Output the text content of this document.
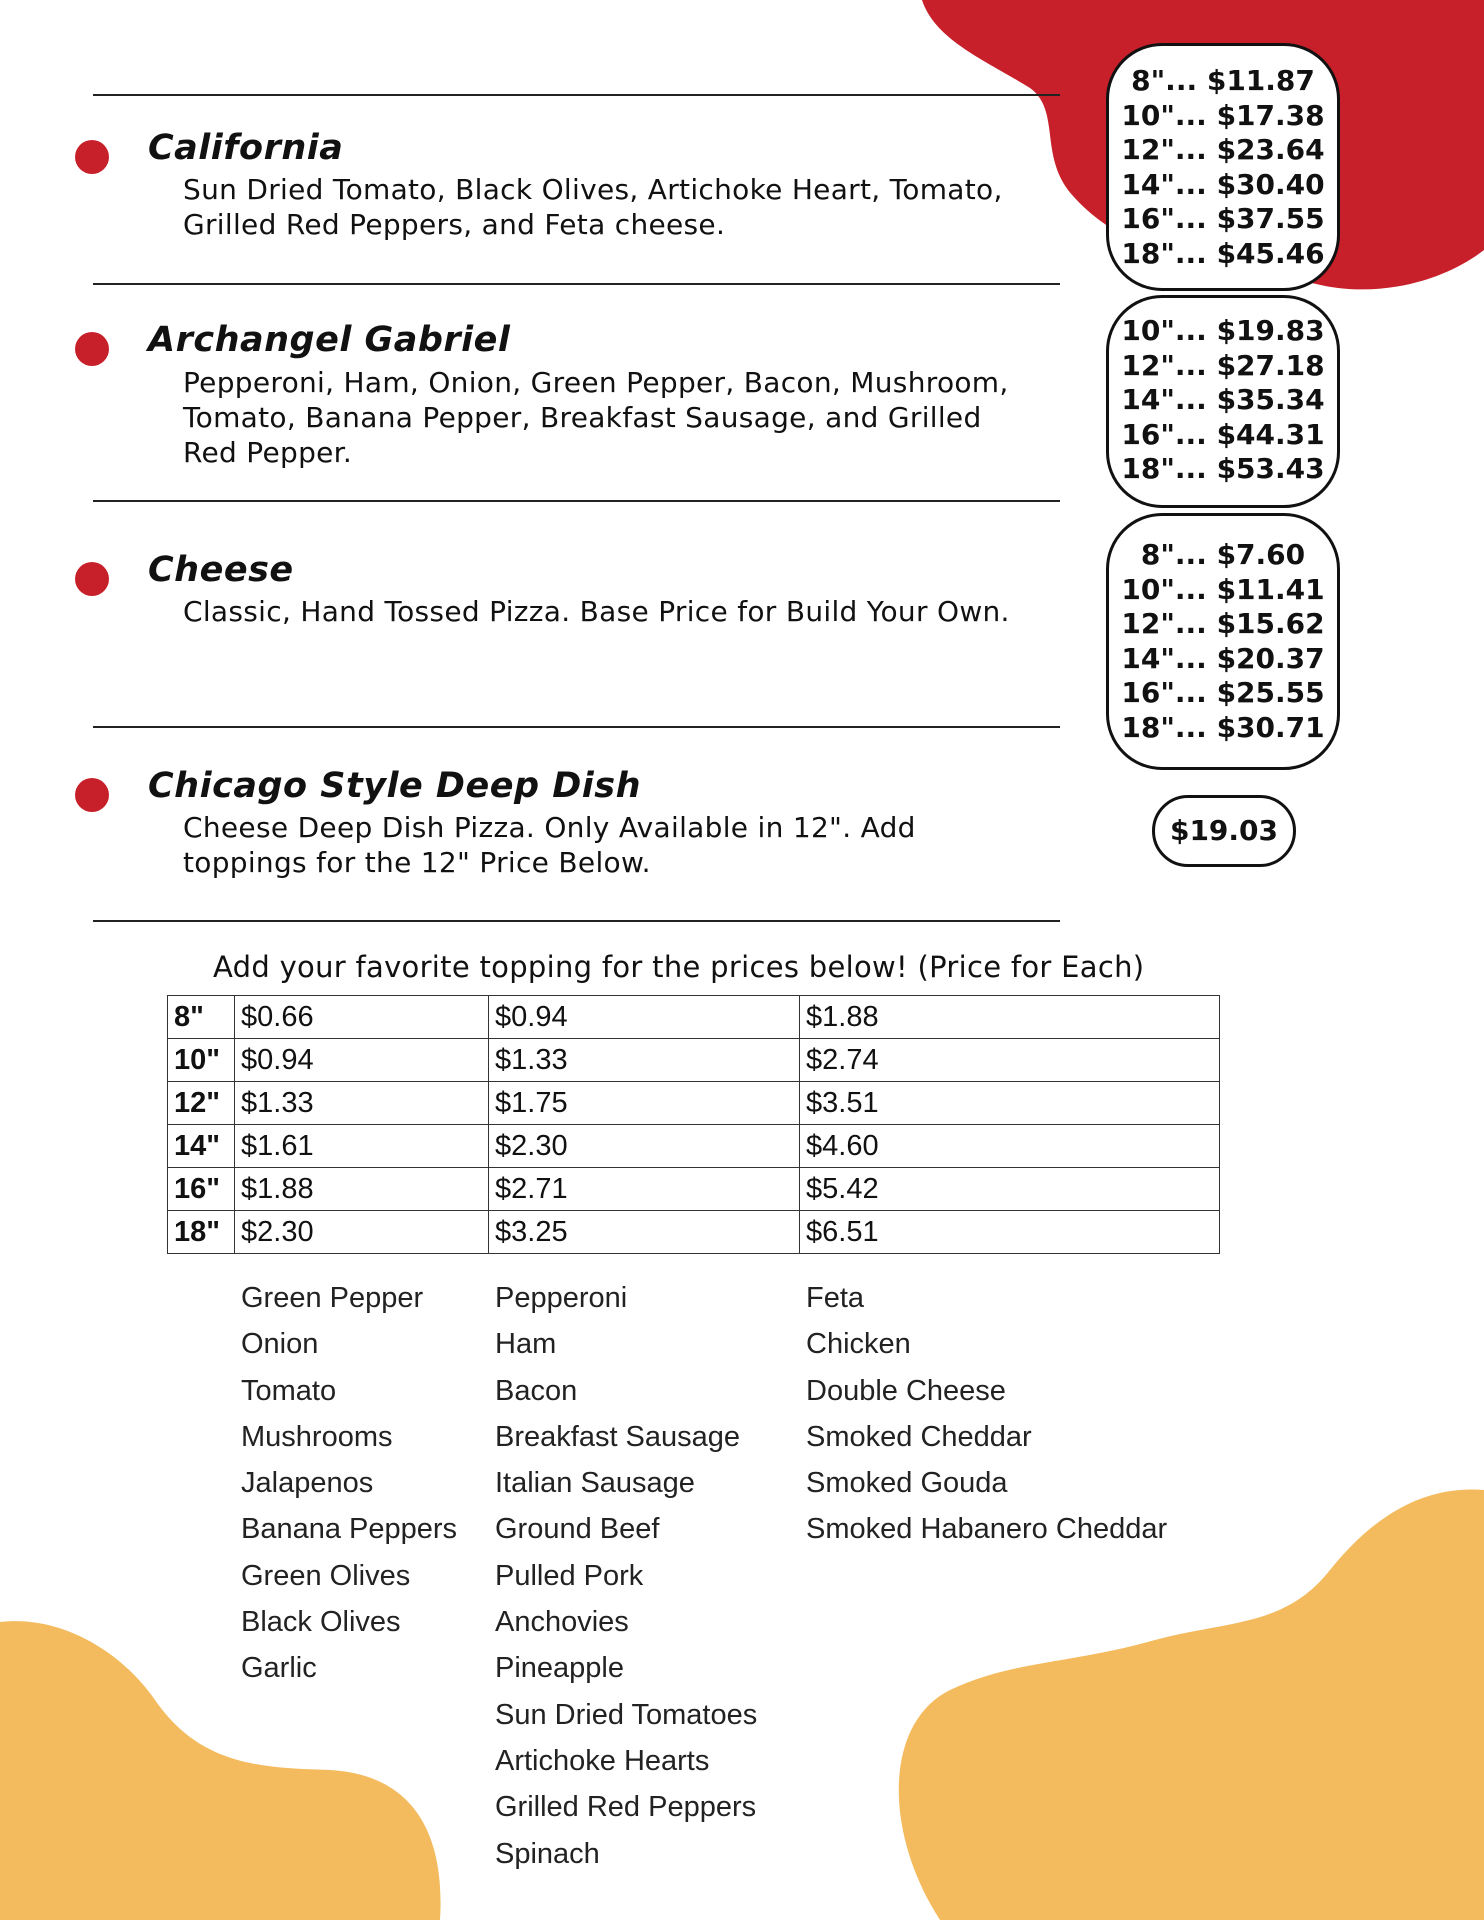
California
Sun Dried Tomato, Black Olives, Artichoke Heart, Tomato,
Grilled Red Peppers, and Feta cheese.
8"... $11.87
10"... $17.38
12"... $23.64
14"... $30.40
16"... $37.55
18"... $45.46
Archangel Gabriel
Pepperoni, Ham, Onion, Green Pepper, Bacon, Mushroom,
Tomato, Banana Pepper, Breakfast Sausage, and Grilled
Red Pepper.
10"... $19.83
12"... $27.18
14"... $35.34
16"... $44.31
18"... $53.43
Cheese
Classic, Hand Tossed Pizza. Base Price for Build Your Own.
8"... $7.60
10"... $11.41
12"... $15.62
14"... $20.37
16"... $25.55
18"... $30.71
Chicago Style Deep Dish
Cheese Deep Dish Pizza. Only Available in 12". Add
toppings for the 12" Price Below.
$19.03
Add your favorite topping for the prices below! (Price for Each)
8"	$0.66	$0.94	$1.88
10"	$0.94	$1.33	$2.74
12"	$1.33	$1.75	$3.51
14"	$1.61	$2.30	$4.60
16"	$1.88	$2.71	$5.42
18"	$2.30	$3.25	$6.51
Green Pepper
Onion
Tomato
Mushrooms
Jalapenos
Banana Peppers
Green Olives
Black Olives
Garlic
Pepperoni
Ham
Bacon
Breakfast Sausage
Italian Sausage
Ground Beef
Pulled Pork
Anchovies
Pineapple
Sun Dried Tomatoes
Artichoke Hearts
Grilled Red Peppers
Spinach
Feta
Chicken
Double Cheese
Smoked Cheddar
Smoked Gouda
Smoked Habanero Cheddar
